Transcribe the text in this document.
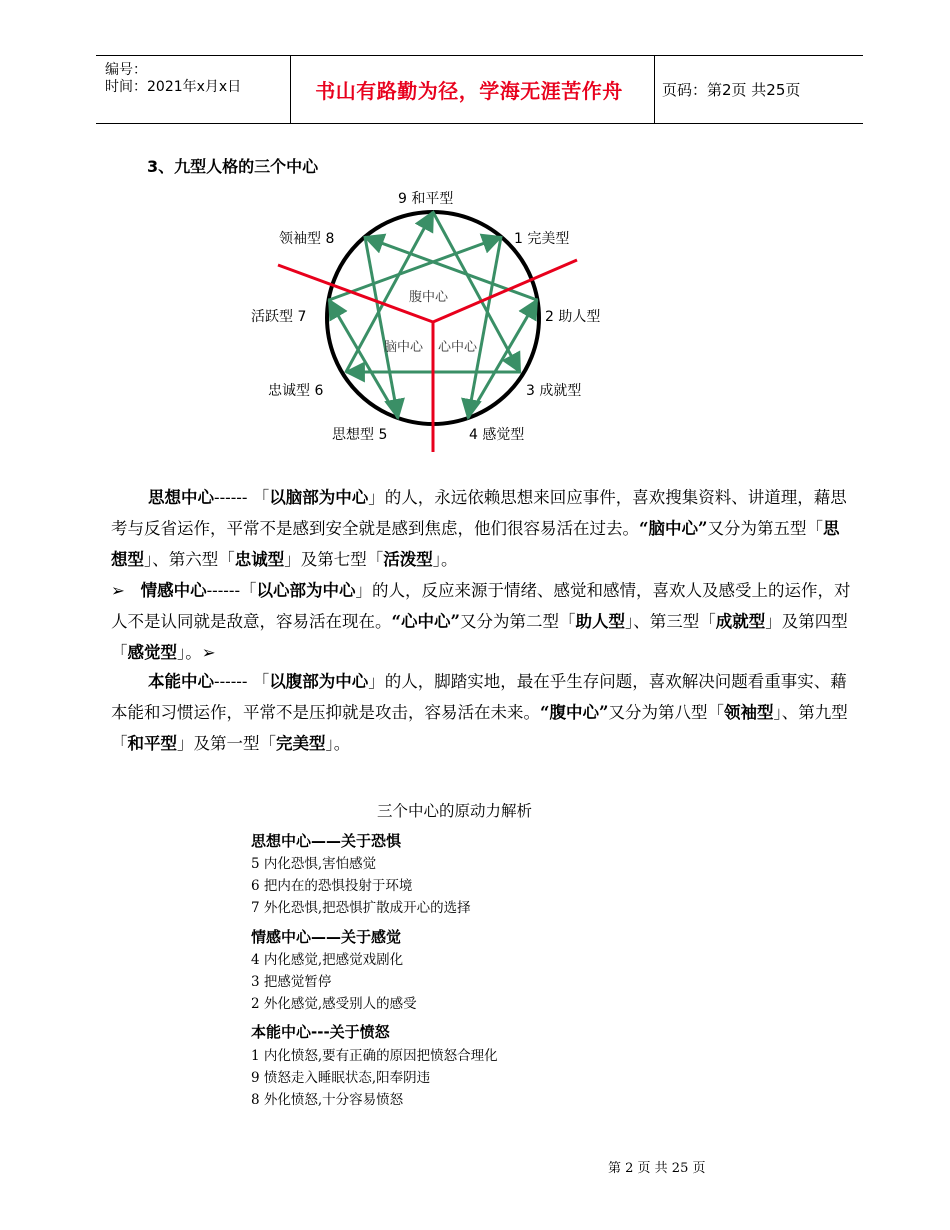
编号：
时间：2021年x月x日	书山有路勤为径，学海无涯苦作舟	页码：第2页 共25页
3、九型人格的三个中心
9 和平型
1 完美型
2 助人型
3 成就型
4 感觉型
思想型 5
忠诚型 6
活跃型 7
领袖型 8
腹中心
脑中心 心中心
思想中心------ 「以脑部为中心」的人，永远依赖思想来回应事件，喜欢搜集资料、讲道理，藉思考与反省运作，平常不是感到安全就是感到焦虑，他们很容易活在过去。“脑中心”又分为第五型「思想型」、第六型「忠诚型」及第七型「活泼型」。
➢ 情感中心------「以心部为中心」的人，反应来源于情绪、感觉和感情，喜欢人及感受上的运作，对人不是认同就是敌意，容易活在现在。“心中心”又分为第二型「助人型」、第三型「成就型」及第四型「感觉型」。➢
本能中心------ 「以腹部为中心」的人，脚踏实地，最在乎生存问题，喜欢解决问题看重事实、藉本能和习惯运作，平常不是压抑就是攻击，容易活在未来。“腹中心”又分为第八型「领袖型」、第九型「和平型」及第一型「完美型」。
三个中心的原动力解析
思想中心——关于恐惧
5 内化恐惧,害怕感觉
6 把内在的恐惧投射于环境
7 外化恐惧,把恐惧扩散成开心的选择
情感中心——关于感觉
4 内化感觉,把感觉戏剧化
3 把感觉暂停
2 外化感觉,感受别人的感受
本能中心---关于愤怒
1 内化愤怒,要有正确的原因把愤怒合理化
9 愤怒走入睡眠状态,阳奉阴违
8 外化愤怒,十分容易愤怒
第 2 页 共 25 页
